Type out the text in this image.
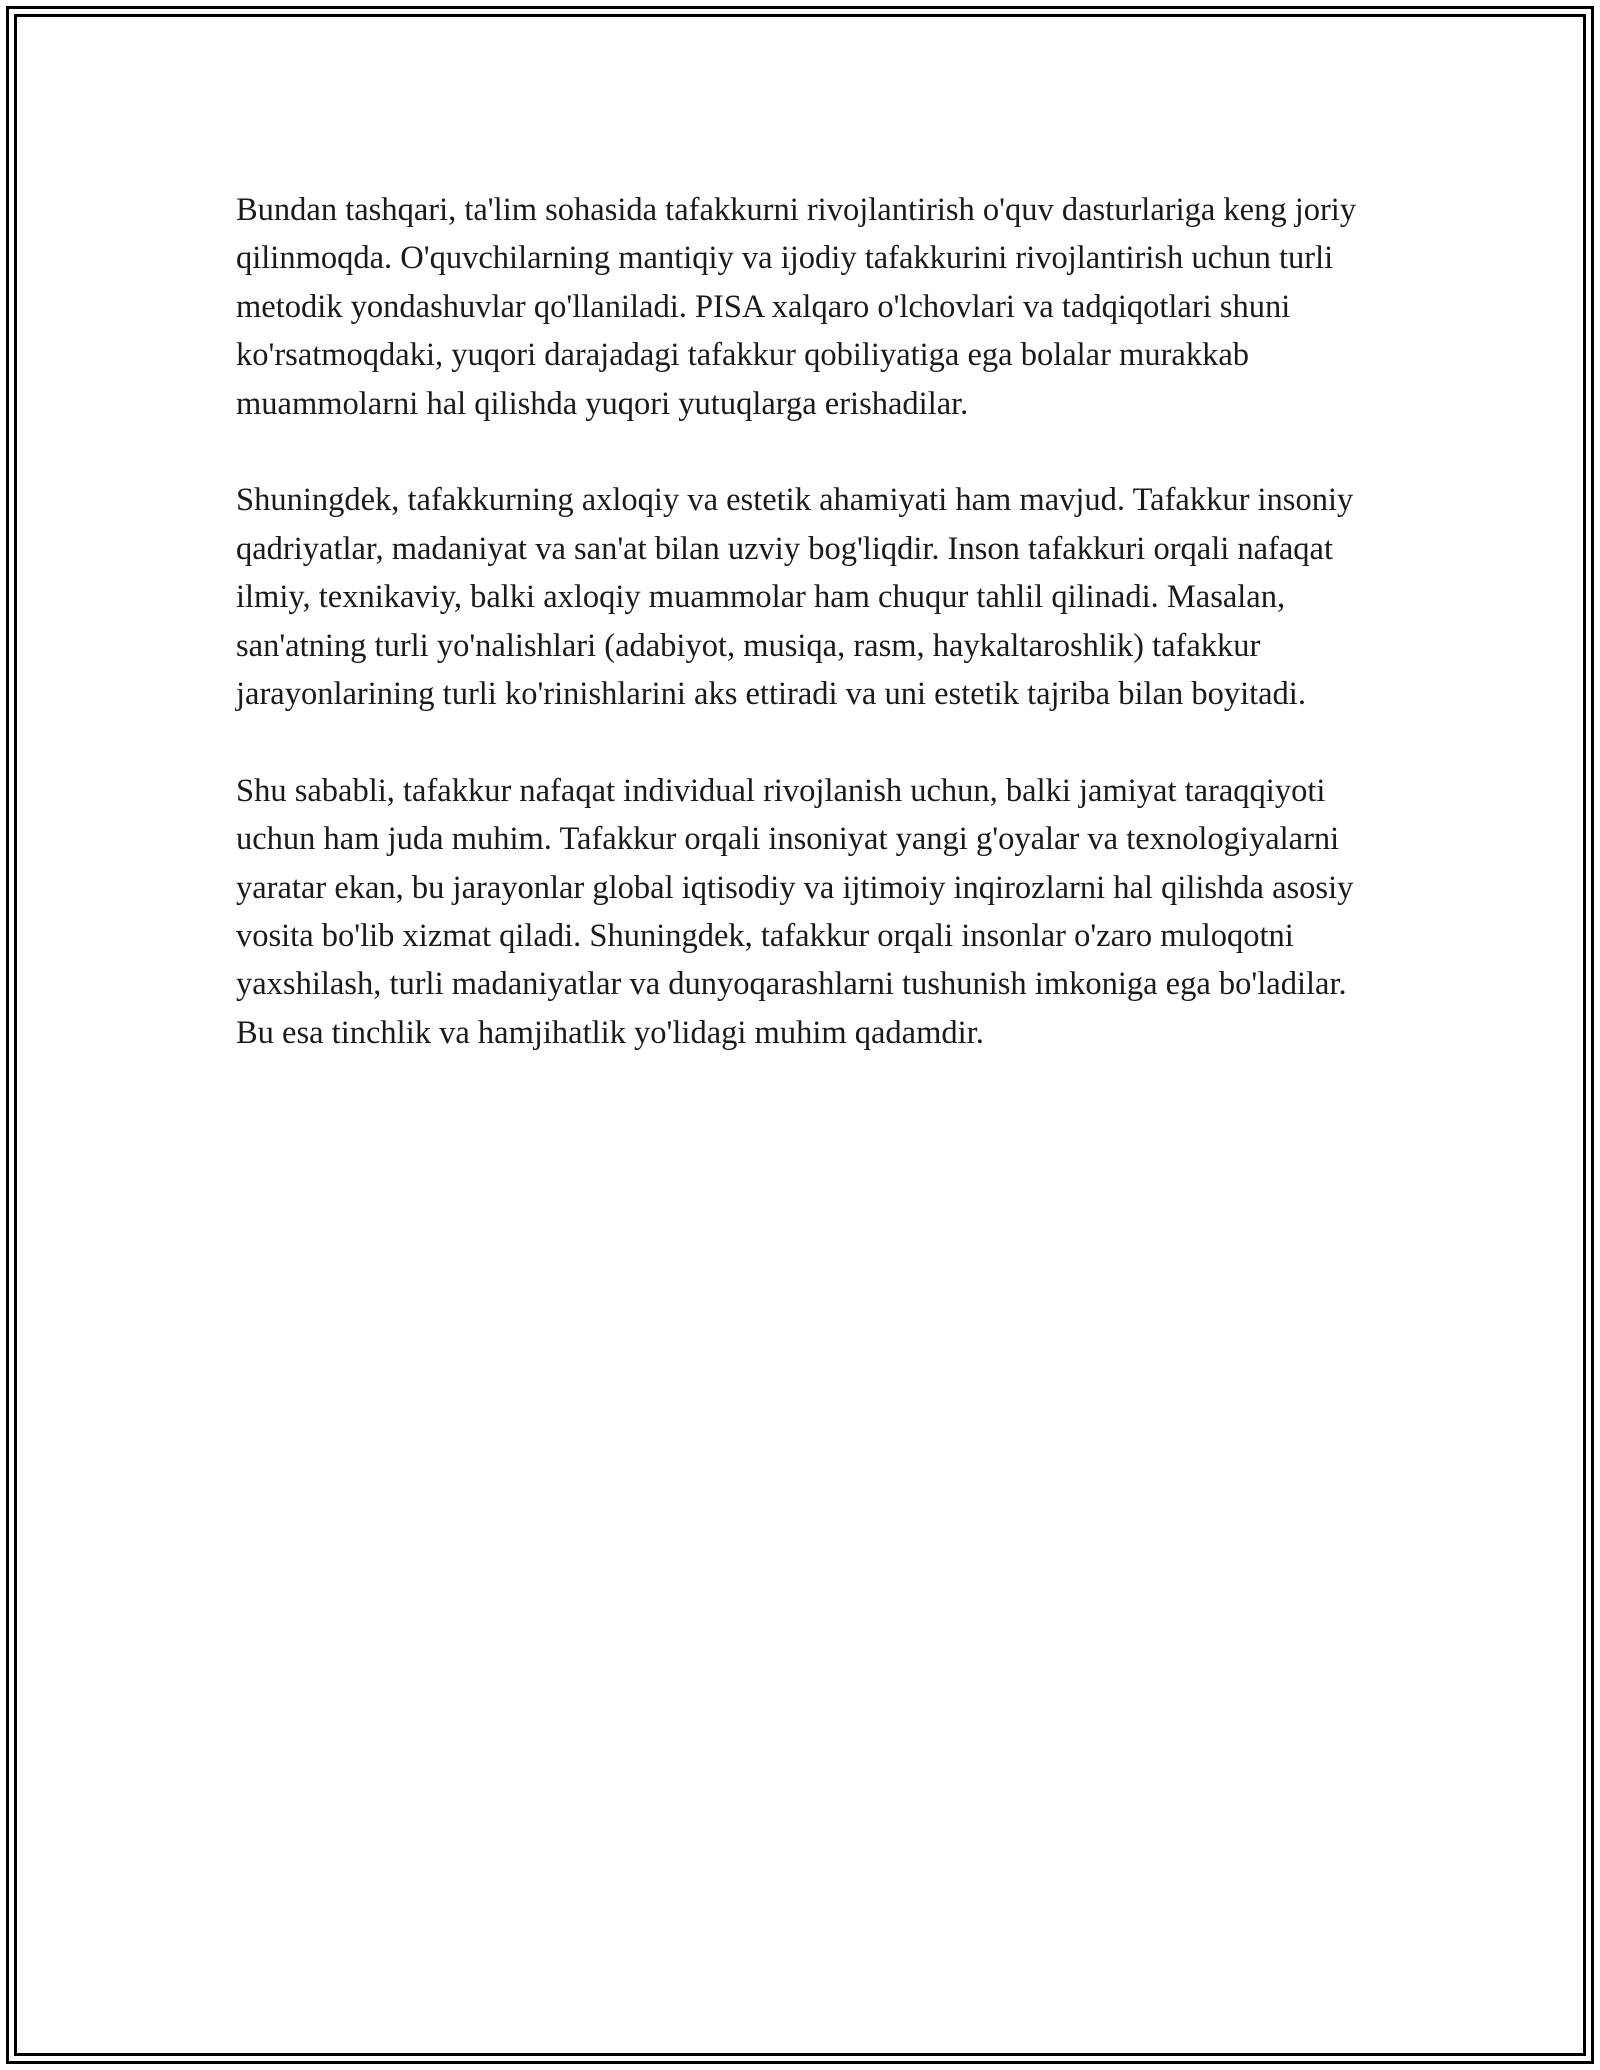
Bundan tashqari, ta'lim sohasida tafakkurni rivojlantirish o'quv dasturlariga keng joriy qilinmoqda. O'quvchilarning mantiqiy va ijodiy tafakkurini rivojlantirish uchun turli metodik yondashuvlar qo'llaniladi. PISA xalqaro o'lchovlari va tadqiqotlari shuni ko'rsatmoqdaki, yuqori darajadagi tafakkur qobiliyatiga ega bolalar murakkab muammolarni hal qilishda yuqori yutuqlarga erishadilar.

Shuningdek, tafakkurning axloqiy va estetik ahamiyati ham mavjud. Tafakkur insoniy qadriyatlar, madaniyat va san'at bilan uzviy bog'liqdir. Inson tafakkuri orqali nafaqat ilmiy, texnikaviy, balki axloqiy muammolar ham chuqur tahlil qilinadi. Masalan, san'atning turli yo'nalishlari (adabiyot, musiqa, rasm, haykaltaroshlik) tafakkur jarayonlarining turli ko'rinishlarini aks ettiradi va uni estetik tajriba bilan boyitadi.

Shu sababli, tafakkur nafaqat individual rivojlanish uchun, balki jamiyat taraqqiyoti uchun ham juda muhim. Tafakkur orqali insoniyat yangi g'oyalar va texnologiyalarni yaratar ekan, bu jarayonlar global iqtisodiy va ijtimoiy inqirozlarni hal qilishda asosiy vosita bo'lib xizmat qiladi. Shuningdek, tafakkur orqali insonlar o'zaro muloqotni yaxshilash, turli madaniyatlar va dunyoqarashlarni tushunish imkoniga ega bo'ladilar. Bu esa tinchlik va hamjihatlik yo'lidagi muhim qadamdir.
